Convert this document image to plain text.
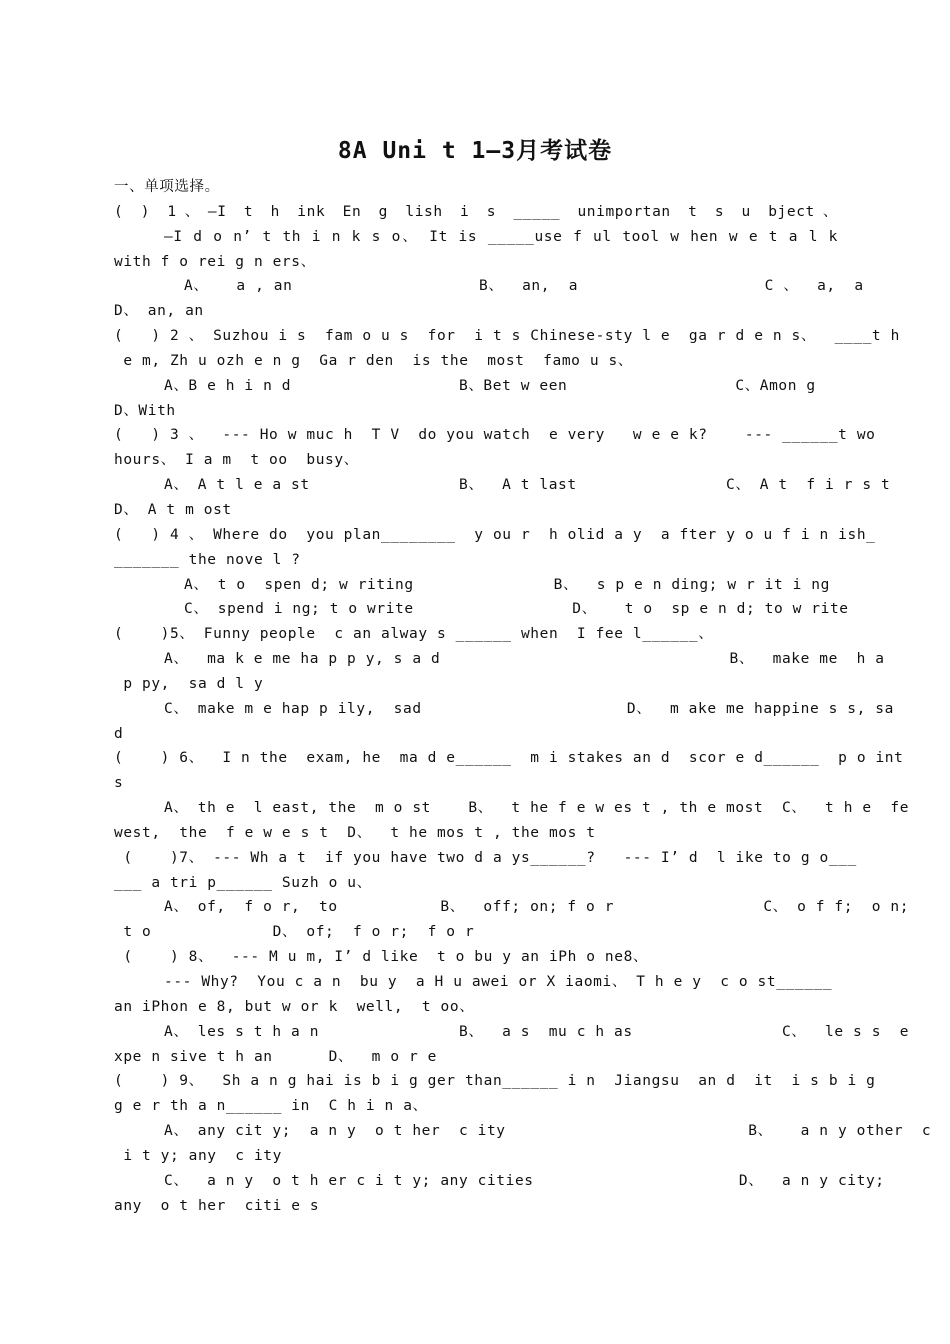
8A Uni t 1—3月考试卷
一、单项选择。
( ) 1、—I t h ink En g lish i s _____ unimportan t s u bject、
—I d o n’ t th i n k s o、 It is _____use f ul tool w hen w e t a l k
with f o rei g n ers、
A、   a , an                    B、  an,  a                    C 、  a,  a
D、 an, an
(   ) 2 、 Suzhou i s  fam o u s  for  i t s Chinese-sty l e  ga r d e n s、  ____t h
e m, Zh u ozh e n g  Ga r den  is the  most  famo u s、
A、B e h i n d                  B、Bet w een                  C、Amon g
D、With
(   ) 3 、  --- Ho w muc h  T V  do you watch  e very   w e e k?    --- ______t wo
hours、 I a m  t oo  busy、
A、 A t l e a st                B、  A t last                C、 A t  f i r s t
D、 A t m ost
(   ) 4 、 Where do  you plan________  y ou r  h olid a y  a fter y o u f i n ish_
_______ the nove l ?
A、 t o  spen d; w riting               B、  s p e n ding; w r it i ng
C、 spend i ng; t o write                 D、   t o  sp e n d; to w rite
(    )5、 Funny people  c an alway s ______ when  I fee l______、
A、  ma k e me ha p p y, s a d                               B、  make me  h a
p py,  sa d l y
C、 make m e hap p ily,  sad                      D、  m ake me happine s s, sa
d
(    ) 6、  I n the  exam, he  ma d e______  m i stakes an d  scor e d______  p o int
s
A、 th e  l east, the  m o st    B、  t he f e w es t , th e most  C、  t h e  fe
west,  the  f e w e s t  D、  t he mos t , the mos t
(    )7、 --- Wh a t  if you have two d a ys______?   --- I’ d  l ike to g o___
___ a tri p______ Suzh o u、
A、 of,  f o r,  to           B、  off; on; f o r                C、 o f f;  o n;
t o             D、 of;  f o r;  f o r
(    ) 8、  --- M u m, I’ d like  t o bu y an iPh o ne8、
--- Why?  You c a n  bu y  a H u awei or X iaomi、 T h e y  c o st______
an iPhon e 8, but w or k  well,  t oo、
A、 les s t h a n               B、  a s  mu c h as                C、  le s s  e
xpe n sive t h an      D、  m o r e
(    ) 9、  Sh a n g hai is b i g ger than______ i n  Jiangsu  an d  it  i s b i g
g e r th a n______ in  C h i n a、
A、 any cit y;  a n y  o t her  c ity                          B、   a n y other  c
i t y; any  c ity
C、  a n y  o t h er c i t y; any cities                      D、  a n y city;
any  o t her  citi e s
